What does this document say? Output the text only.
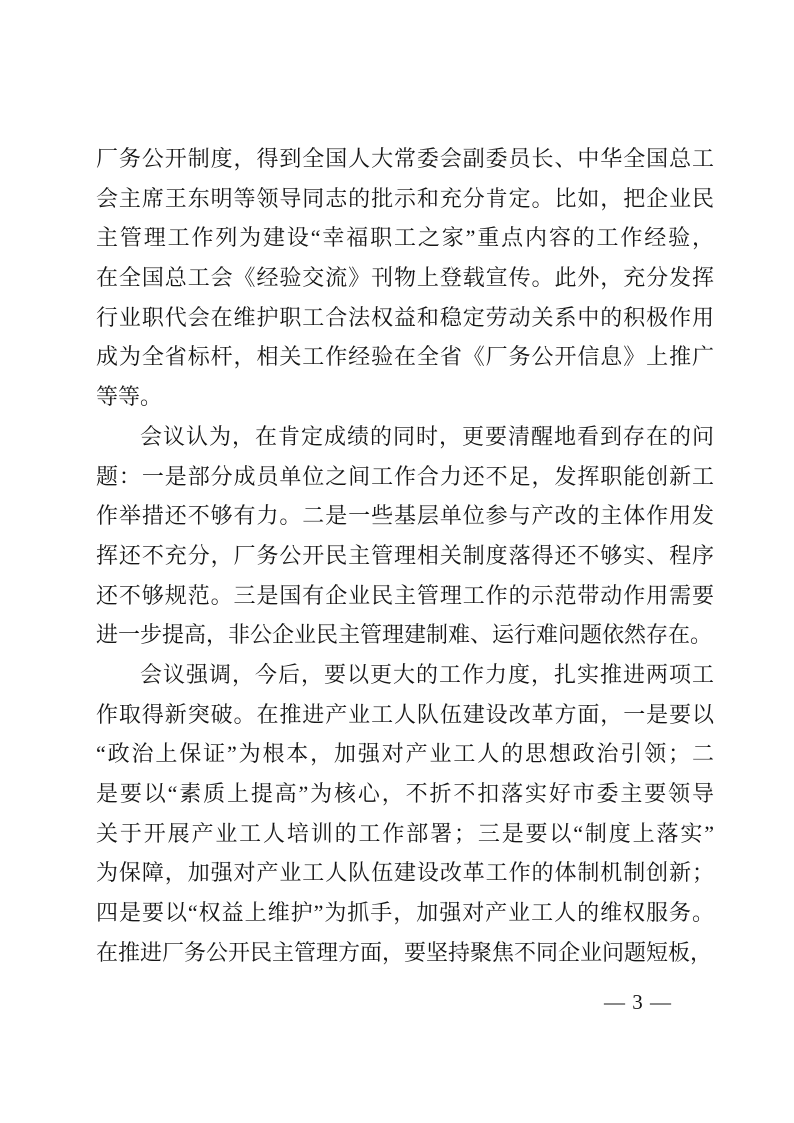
厂务公开制度，得到全国人大常委会副委员长、中华全国总工
会主席王东明等领导同志的批示和充分肯定。比如，把企业民
主管理工作列为建设“幸福职工之家”重点内容的工作经验，
在全国总工会《经验交流》刊物上登载宣传。此外，充分发挥
行业职代会在维护职工合法权益和稳定劳动关系中的积极作用
成为全省标杆，相关工作经验在全省《厂务公开信息》上推广
等等。
会议认为，在肯定成绩的同时，更要清醒地看到存在的问
题：一是部分成员单位之间工作合力还不足，发挥职能创新工
作举措还不够有力。二是一些基层单位参与产改的主体作用发
挥还不充分，厂务公开民主管理相关制度落得还不够实、程序
还不够规范。三是国有企业民主管理工作的示范带动作用需要
进一步提高，非公企业民主管理建制难、运行难问题依然存在。
会议强调，今后，要以更大的工作力度，扎实推进两项工
作取得新突破。在推进产业工人队伍建设改革方面，一是要以
“政治上保证”为根本，加强对产业工人的思想政治引领；二
是要以“素质上提高”为核心，不折不扣落实好市委主要领导
关于开展产业工人培训的工作部署；三是要以“制度上落实”
为保障，加强对产业工人队伍建设改革工作的体制机制创新；
四是要以“权益上维护”为抓手，加强对产业工人的维权服务。
在推进厂务公开民主管理方面，要坚持聚焦不同企业问题短板，
— 3 —
